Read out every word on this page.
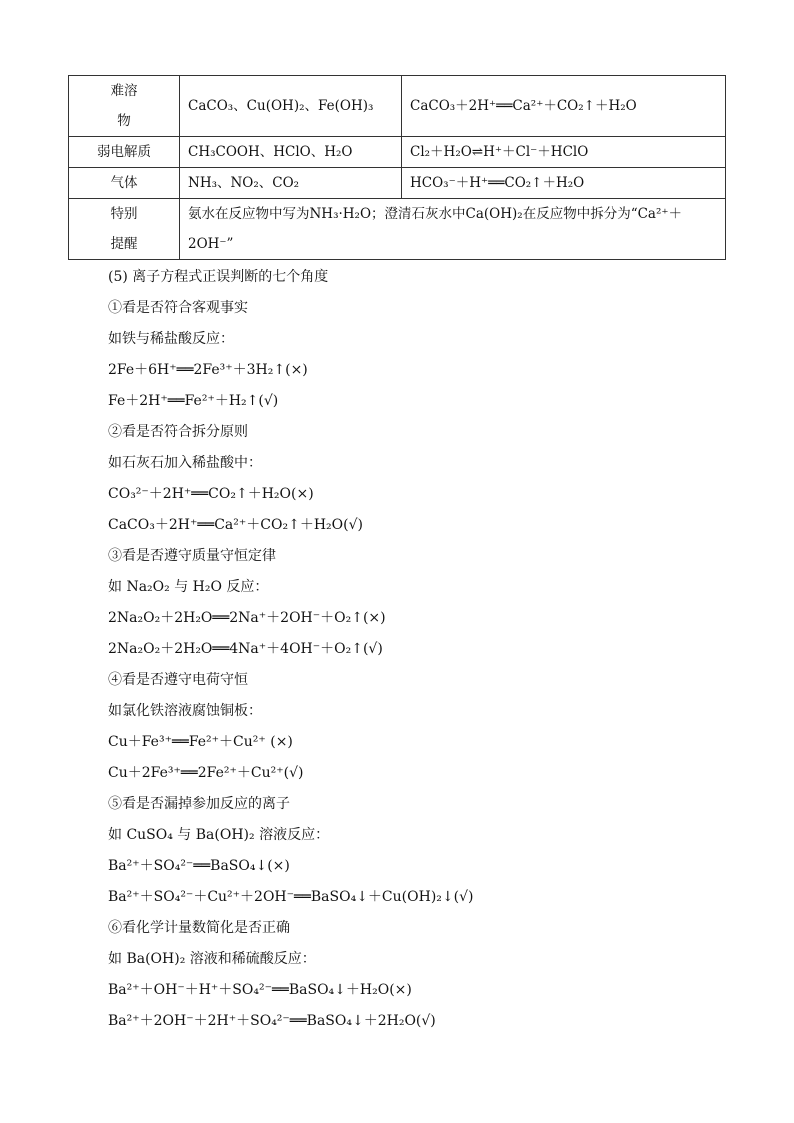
难溶
物	CaCO₃、Cu(OH)₂、Fe(OH)₃	CaCO₃＋2H⁺══Ca²⁺＋CO₂↑＋H₂O
弱电解质	CH₃COOH、HClO、H₂O	Cl₂＋H₂O⇌H⁺＋Cl⁻＋HClO
气体	NH₃、NO₂、CO₂	HCO₃⁻＋H⁺══CO₂↑＋H₂O

特别
提醒	氨水在反应物中写为NH₃·H₂O；澄清石灰水中Ca(OH)₂在反应物中拆分为“Ca²⁺＋
2OH⁻”	
(5) 离子方程式正误判断的七个角度
①看是否符合客观事实
如铁与稀盐酸反应：
2Fe＋6H⁺══2Fe³⁺＋3H₂↑(×)
Fe＋2H⁺══Fe²⁺＋H₂↑(√)
②看是否符合拆分原则
如石灰石加入稀盐酸中：
CO₃²⁻＋2H⁺══CO₂↑＋H₂O(×)
CaCO₃＋2H⁺══Ca²⁺＋CO₂↑＋H₂O(√)
③看是否遵守质量守恒定律
如 Na₂O₂ 与 H₂O 反应：
2Na₂O₂＋2H₂O══2Na⁺＋2OH⁻＋O₂↑(×)
2Na₂O₂＋2H₂O══4Na⁺＋4OH⁻＋O₂↑(√)
④看是否遵守电荷守恒
如氯化铁溶液腐蚀铜板：
Cu＋Fe³⁺══Fe²⁺＋Cu²⁺ (×)
Cu＋2Fe³⁺══2Fe²⁺＋Cu²⁺(√)
⑤看是否漏掉参加反应的离子
如 CuSO₄ 与 Ba(OH)₂ 溶液反应：
Ba²⁺＋SO₄²⁻══BaSO₄↓(×)
Ba²⁺＋SO₄²⁻＋Cu²⁺＋2OH⁻══BaSO₄↓＋Cu(OH)₂↓(√)
⑥看化学计量数简化是否正确
如 Ba(OH)₂ 溶液和稀硫酸反应：
Ba²⁺＋OH⁻＋H⁺＋SO₄²⁻══BaSO₄↓＋H₂O(×)
Ba²⁺＋2OH⁻＋2H⁺＋SO₄²⁻══BaSO₄↓＋2H₂O(√)
